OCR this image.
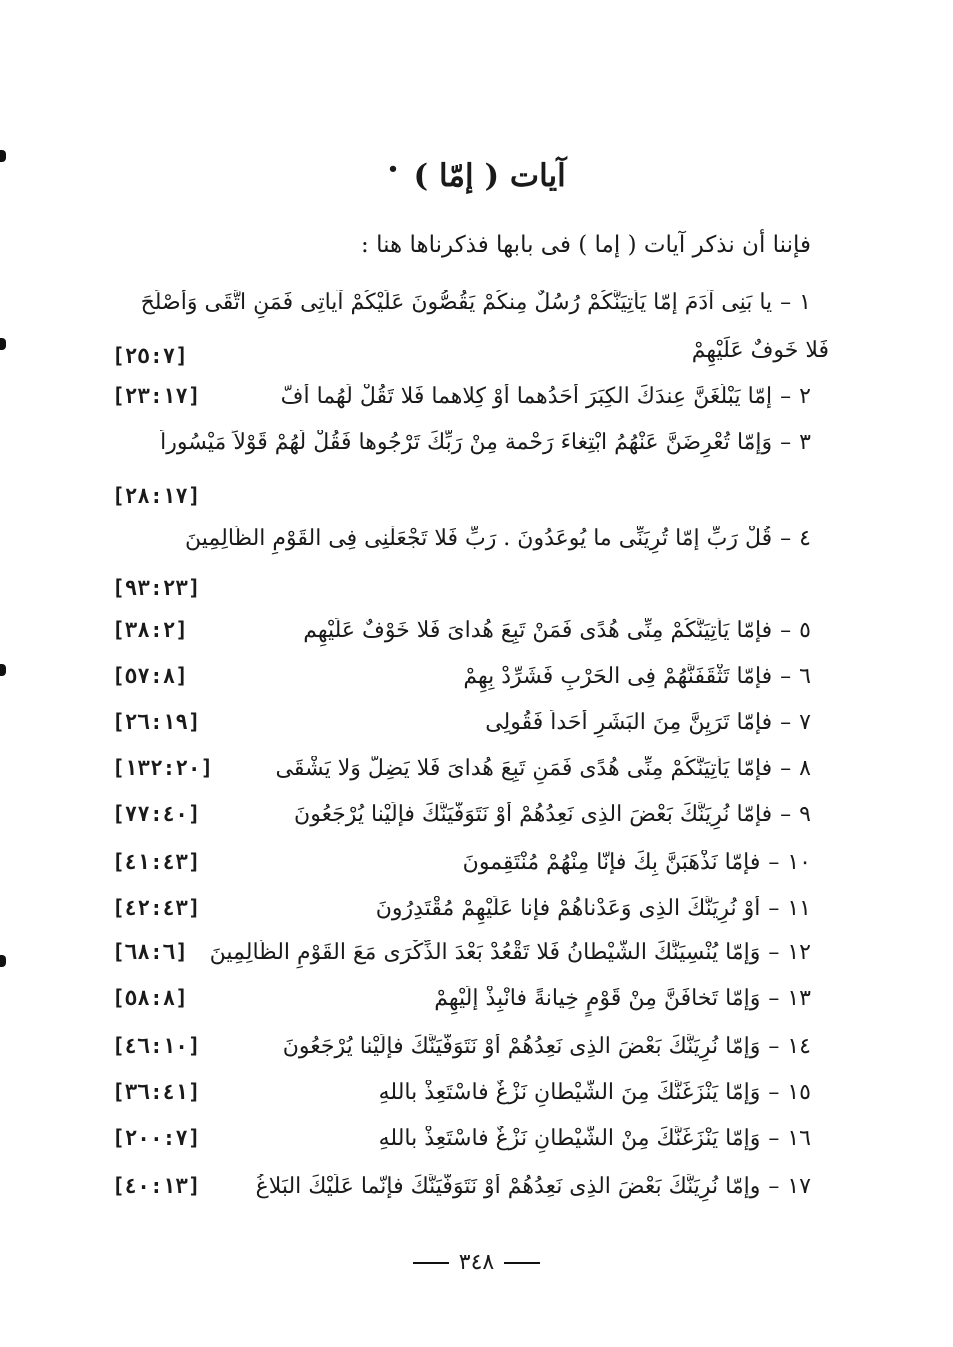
آيات ( إمّا ) •
فإننا أن نذكر آيات ( إما ) فى بابها فذكرناها هنا :
١–يا بَنِى آدَمَ إمّا يَأْتِيَنَّكُمْ رُسُلٌ مِنكُمْ يَقُصُّونَ عَلَيْكُمْ آياتِى فَمَنِ اتَّقَى وَأَصْلَحَ
فَلا خَوفٌ عَلَيْهِمْ
[٢٥:٧]
٢–إمّا يَبْلُغَنَّ عِندَكَ الكِبَرَ أَحَدُهما أَوْ كِلاهما فَلا تَقُلْ لَهُما أُفّ
[٢٣:١٧]
٣–وَإمّا تُعْرِضَنَّ عَنْهُمُ ابْتِغاءَ رَحْمة مِنْ رَبِّكَ تَرْجُوها فَقُلْ لَهُمْ قَوْلاً مَيْسُوراً
[٢٨:١٧]
٤–قُلْ رَبِّ إمّا تُرِيَنِّى ما يُوعَدُونَ . رَبِّ فَلا تَجْعَلْنِى فِى القَوْمِ الظّالِمِينَ
[٩٣:٢٣]
٥–فإمّا يَأْتِيَنَّكُمْ مِنِّى هُدًى فَمَنْ تَبِعَ هُداىَ فَلا خَوْفٌ عَلَيْهِم
[٣٨:٢]
٦–فإمّا تَثْقَفَنَّهُمْ فِى الحَرْبِ فَشَرِّدْ بِهِمْ
[٥٧:٨]
٧–فإمّا تَرَيِنَّ مِنَ البَشَرِ أَحَداً فَقُولِى
[٢٦:١٩]
٨–فإمّا يَأْتِيَنَّكُمْ مِنِّى هُدًى فَمَنِ تَبِعَ هُداىَ فَلا يَضِلُّ وَلا يَشْقَى
[١٣٢:٢٠]
٩–فإمّا نُرِيَنَّكَ بَعْضَ الذِى نَعِدُهُمْ أَوْ نَتَوَفَّيَنَّكَ فإلَيْنا يُرْجَعُونَ
[٧٧:٤٠]
١٠–فإمّا نَذْهَبَنَّ بِكَ فإنّا مِنْهُمْ مُنْتَقِمونَ
[٤١:٤٣]
١١–أَوْ نُرِيَنَّكَ الذِى وَعَدْناهُمْ فإنا عَلَيْهِمْ مُقْتَدِرُونَ
[٤٢:٤٣]
١٢–وَإمّا يُنْسِيَنَّكَ الشَّيْطانُ فَلا تَقْعُدْ بَعْدَ الذِّكْرَى مَعَ القَوْمِ الظّالِمِينَ
[٦٨:٦]
١٣–وَإمّا تَخافَنَّ مِنْ قَوْمٍ خِيانةً فانْبِذْ إلَيْهِمْ
[٥٨:٨]
١٤–وَإمّا نُرِيَنَّكَ بَعْضَ الذِى نَعِدُهُمْ أَوْ نَتَوَفَّيَنَّكَ فإلَيْنا يُرْجَعُونَ
[٤٦:١٠]
١٥–وَإمّا يَنْزَغَنَّكَ مِنَ الشَّيْطانِ نَزْغٌ فاسْتَعِذْ باللهِ
[٣٦:٤١]
١٦–وَإمّا يَنْزَغَنَّكَ مِنْ الشَّيْطانِ نَزْغٌ فاسْتَعِذْ باللهِ
[٢٠٠:٧]
١٧–وإمّا نُرِيَنَّكَ بَعْضَ الذِى نَعِدُهُمْ أَوْ نَتَوَفَّيَنَّكَ فإنّما عَلَيْكَ البَلاغُ
[٤٠:١٣]
٣٤٨
